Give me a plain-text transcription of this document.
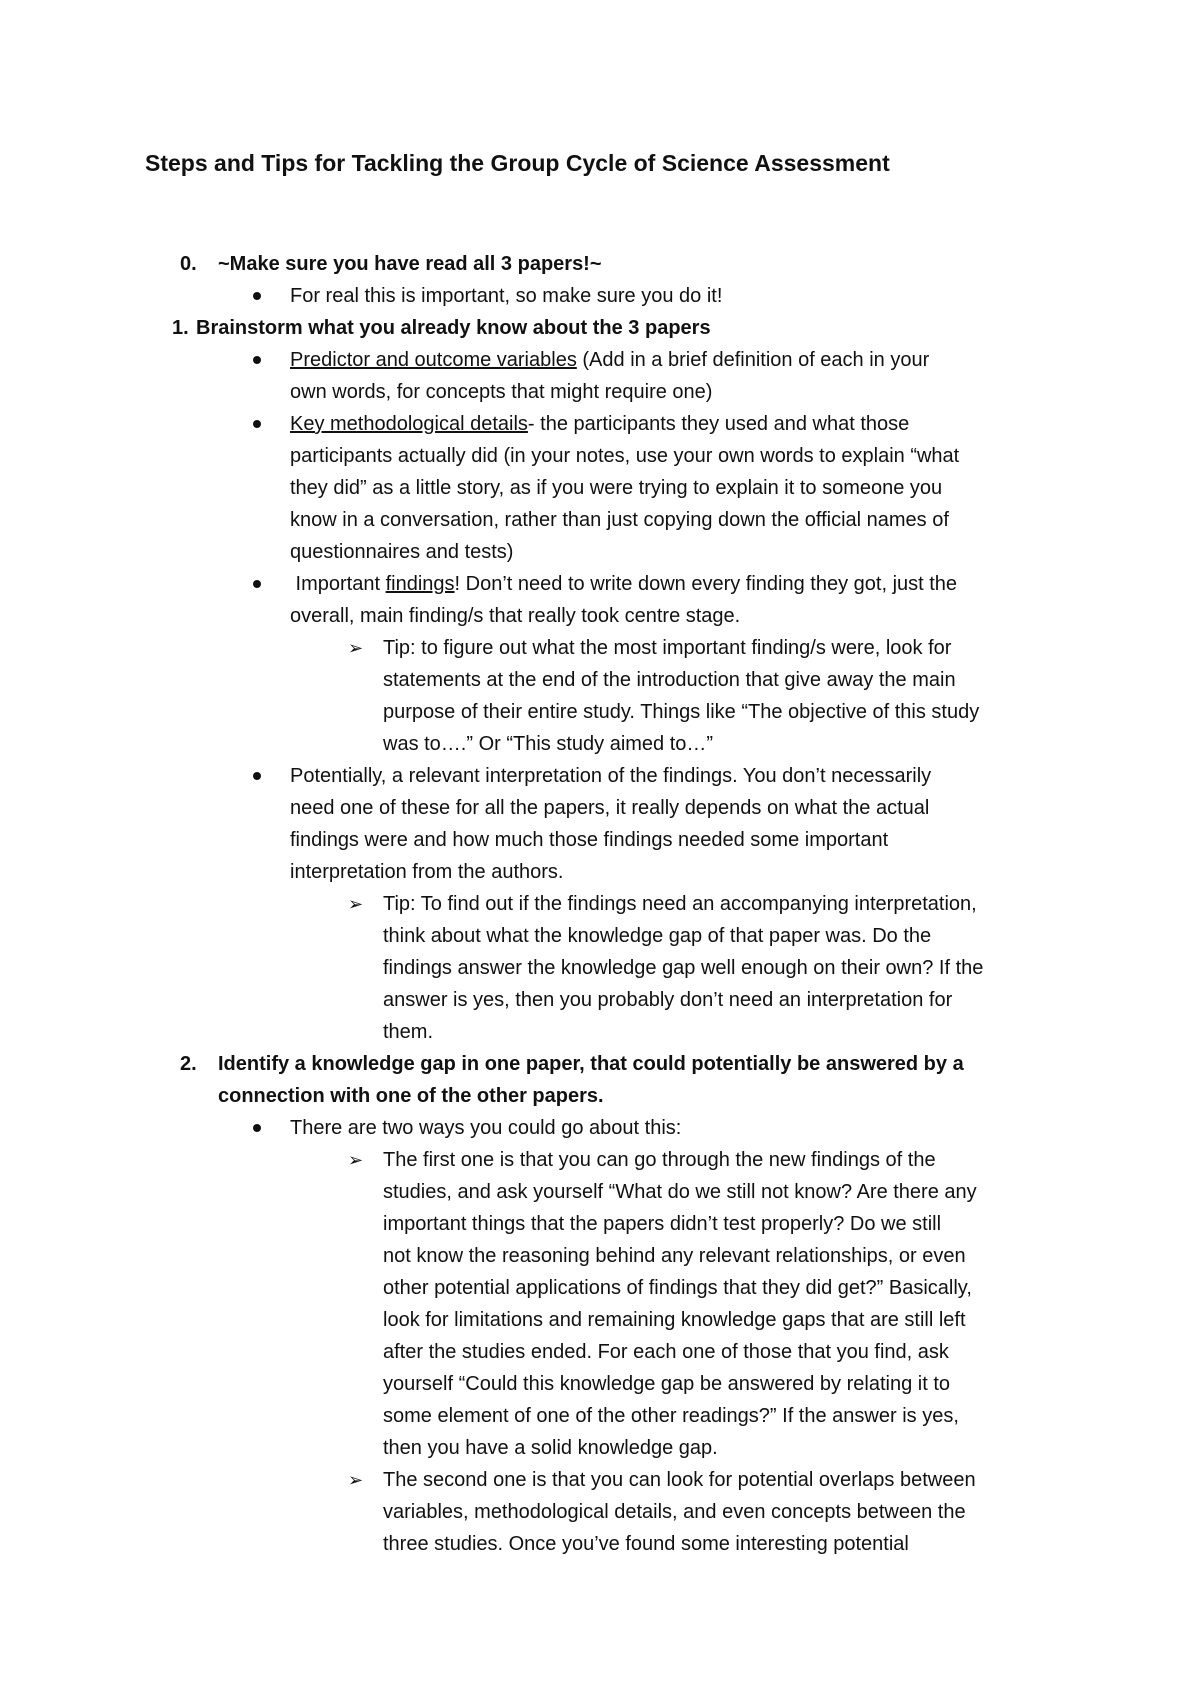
Steps and Tips for Tackling the Group Cycle of Science Assessment
0. ~Make sure you have read all 3 papers!~
For real this is important, so make sure you do it!
1. Brainstorm what you already know about the 3 papers
Predictor and outcome variables (Add in a brief definition of each in your
own words, for concepts that might require one)
Key methodological details- the participants they used and what those
participants actually did (in your notes, use your own words to explain “what
they did” as a little story, as if you were trying to explain it to someone you
know in a conversation, rather than just copying down the official names of
questionnaires and tests)
Important findings! Don’t need to write down every finding they got, just the
overall, main finding/s that really took centre stage.
➢ Tip: to figure out what the most important finding/s were, look for
statements at the end of the introduction that give away the main
purpose of their entire study. Things like “The objective of this study
was to….” Or “This study aimed to…”
Potentially, a relevant interpretation of the findings. You don’t necessarily
need one of these for all the papers, it really depends on what the actual
findings were and how much those findings needed some important
interpretation from the authors.
➢ Tip: To find out if the findings need an accompanying interpretation,
think about what the knowledge gap of that paper was. Do the
findings answer the knowledge gap well enough on their own? If the
answer is yes, then you probably don’t need an interpretation for
them.
2. Identify a knowledge gap in one paper, that could potentially be answered by a
connection with one of the other papers.
There are two ways you could go about this:
➢ The first one is that you can go through the new findings of the
studies, and ask yourself “What do we still not know? Are there any
important things that the papers didn’t test properly? Do we still
not know the reasoning behind any relevant relationships, or even
other potential applications of findings that they did get?” Basically,
look for limitations and remaining knowledge gaps that are still left
after the studies ended. For each one of those that you find, ask
yourself “Could this knowledge gap be answered by relating it to
some element of one of the other readings?” If the answer is yes,
then you have a solid knowledge gap.
➢ The second one is that you can look for potential overlaps between
variables, methodological details, and even concepts between the
three studies. Once you’ve found some interesting potential
